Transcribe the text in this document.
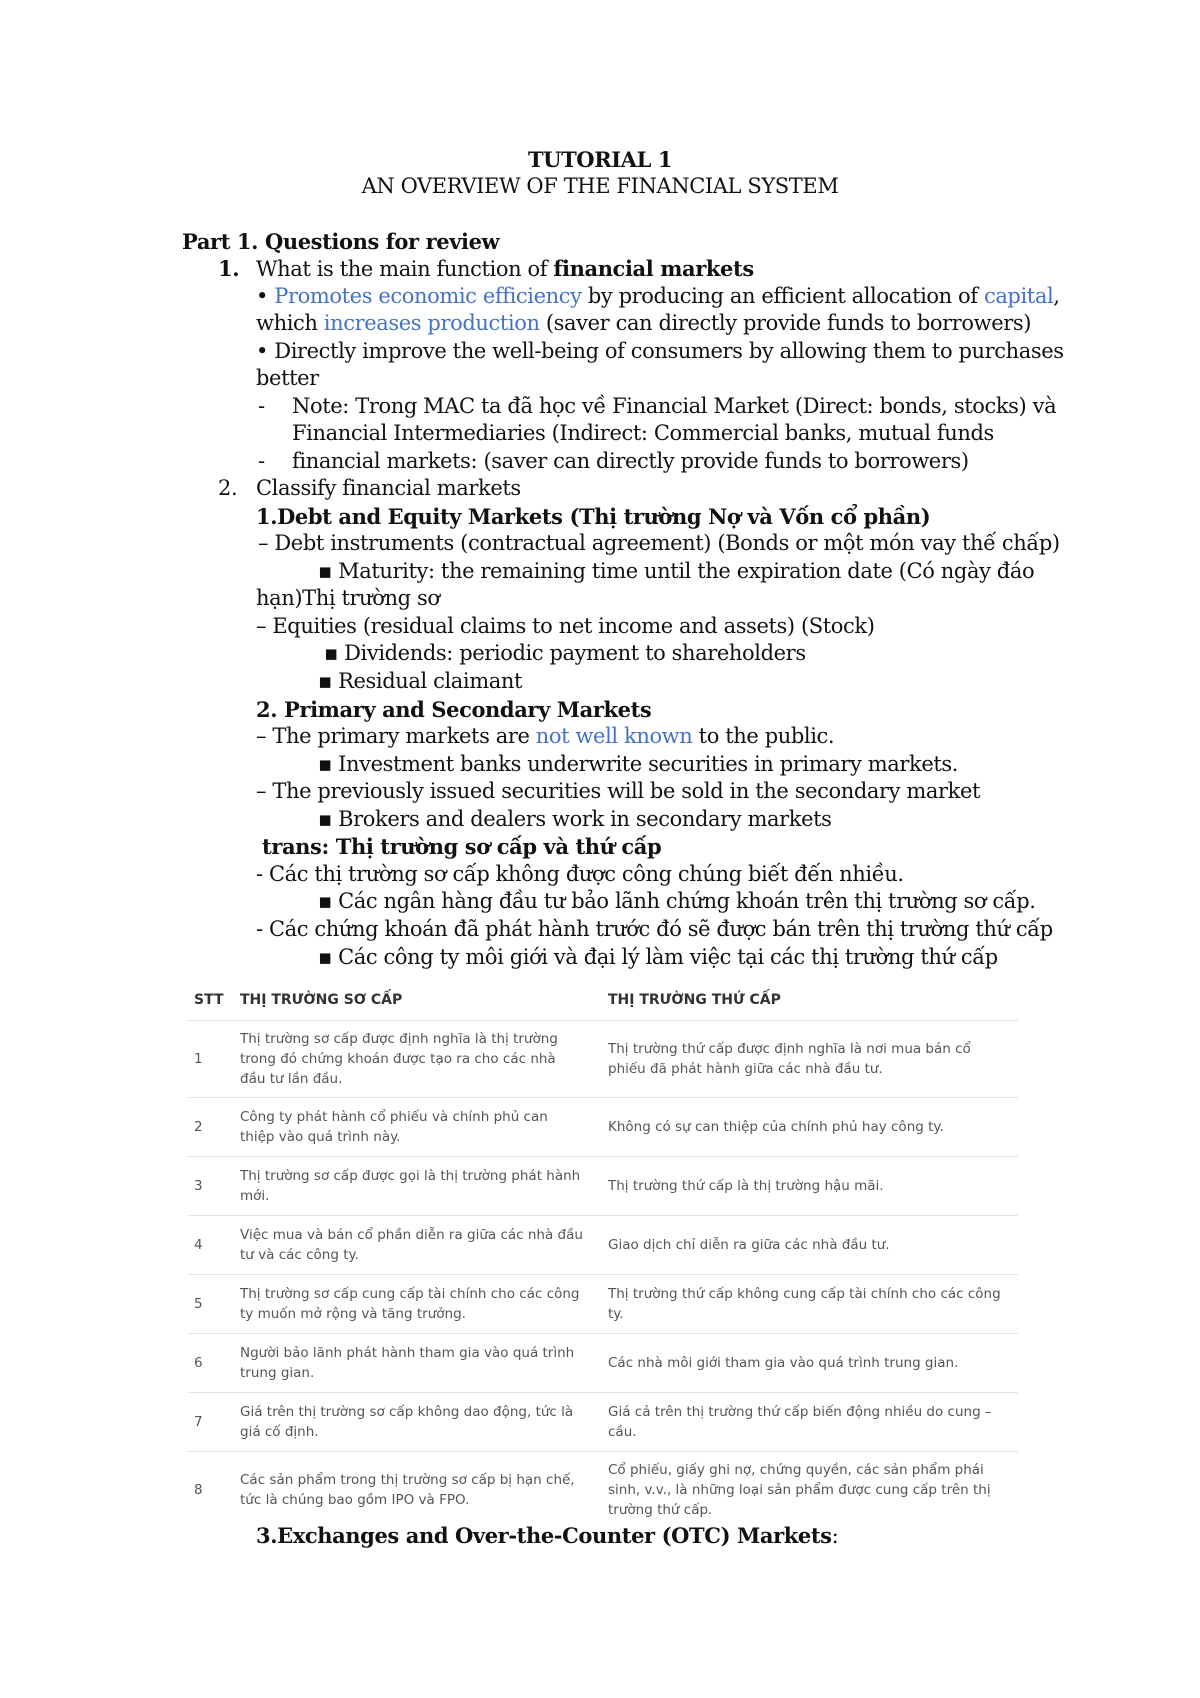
TUTORIAL 1
AN OVERVIEW OF THE FINANCIAL SYSTEM
Part 1. Questions for review
1. What is the main function of financial markets
• Promotes economic efficiency by producing an efficient allocation of capital,
which increases production (saver can directly provide funds to borrowers)
• Directly improve the well-being of consumers by allowing them to purchases
better
- Note: Trong MAC ta đã học về Financial Market (Direct: bonds, stocks) và
Financial Intermediaries (Indirect: Commercial banks, mutual funds
- financial markets: (saver can directly provide funds to borrowers)
2. Classify financial markets
1.Debt and Equity Markets (Thị trường Nợ và Vốn cổ phần)
– Debt instruments (contractual agreement) (Bonds or một món vay thế chấp)
▪ Maturity: the remaining time until the expiration date (Có ngày đáo
hạn)Thị trường sơ
– Equities (residual claims to net income and assets) (Stock)
▪ Dividends: periodic payment to shareholders
▪ Residual claimant
2. Primary and Secondary Markets
– The primary markets are not well known to the public.
▪ Investment banks underwrite securities in primary markets.
– The previously issued securities will be sold in the secondary market
▪ Brokers and dealers work in secondary markets
trans: Thị trường sơ cấp và thứ cấp
- Các thị trường sơ cấp không được công chúng biết đến nhiều.
▪ Các ngân hàng đầu tư bảo lãnh chứng khoán trên thị trường sơ cấp.
- Các chứng khoán đã phát hành trước đó sẽ được bán trên thị trường thứ cấp
▪ Các công ty môi giới và đại lý làm việc tại các thị trường thứ cấp
STT	THỊ TRƯỜNG SƠ CẤP	THỊ TRƯỜNG THỨ CẤP
1
Thị trường sơ cấp được định nghĩa là thị trường trong đó chứng khoán được tạo ra cho các nhà đầu tư lần đầu.
Thị trường thứ cấp được định nghĩa là nơi mua bán cổ phiếu đã phát hành giữa các nhà đầu tư.
2
Công ty phát hành cổ phiếu và chính phủ can thiệp vào quá trình này.
Không có sự can thiệp của chính phủ hay công ty.
3
Thị trường sơ cấp được gọi là thị trường phát hành mới.
Thị trường thứ cấp là thị trường hậu mãi.
4
Việc mua và bán cổ phần diễn ra giữa các nhà đầu tư và các công ty.
Giao dịch chỉ diễn ra giữa các nhà đầu tư.
5
Thị trường sơ cấp cung cấp tài chính cho các công ty muốn mở rộng và tăng trưởng.
Thị trường thứ cấp không cung cấp tài chính cho các công ty.
6
Người bảo lãnh phát hành tham gia vào quá trình trung gian.
Các nhà môi giới tham gia vào quá trình trung gian.
7
Giá trên thị trường sơ cấp không dao động, tức là giá cố định.
Giá cả trên thị trường thứ cấp biến động nhiều do cung – cầu.
8
Các sản phẩm trong thị trường sơ cấp bị hạn chế, tức là chúng bao gồm IPO và FPO.
Cổ phiếu, giấy ghi nợ, chứng quyền, các sản phẩm phái sinh, v.v., là những loại sản phẩm được cung cấp trên thị trường thứ cấp.
3.Exchanges and Over-the-Counter (OTC) Markets:
